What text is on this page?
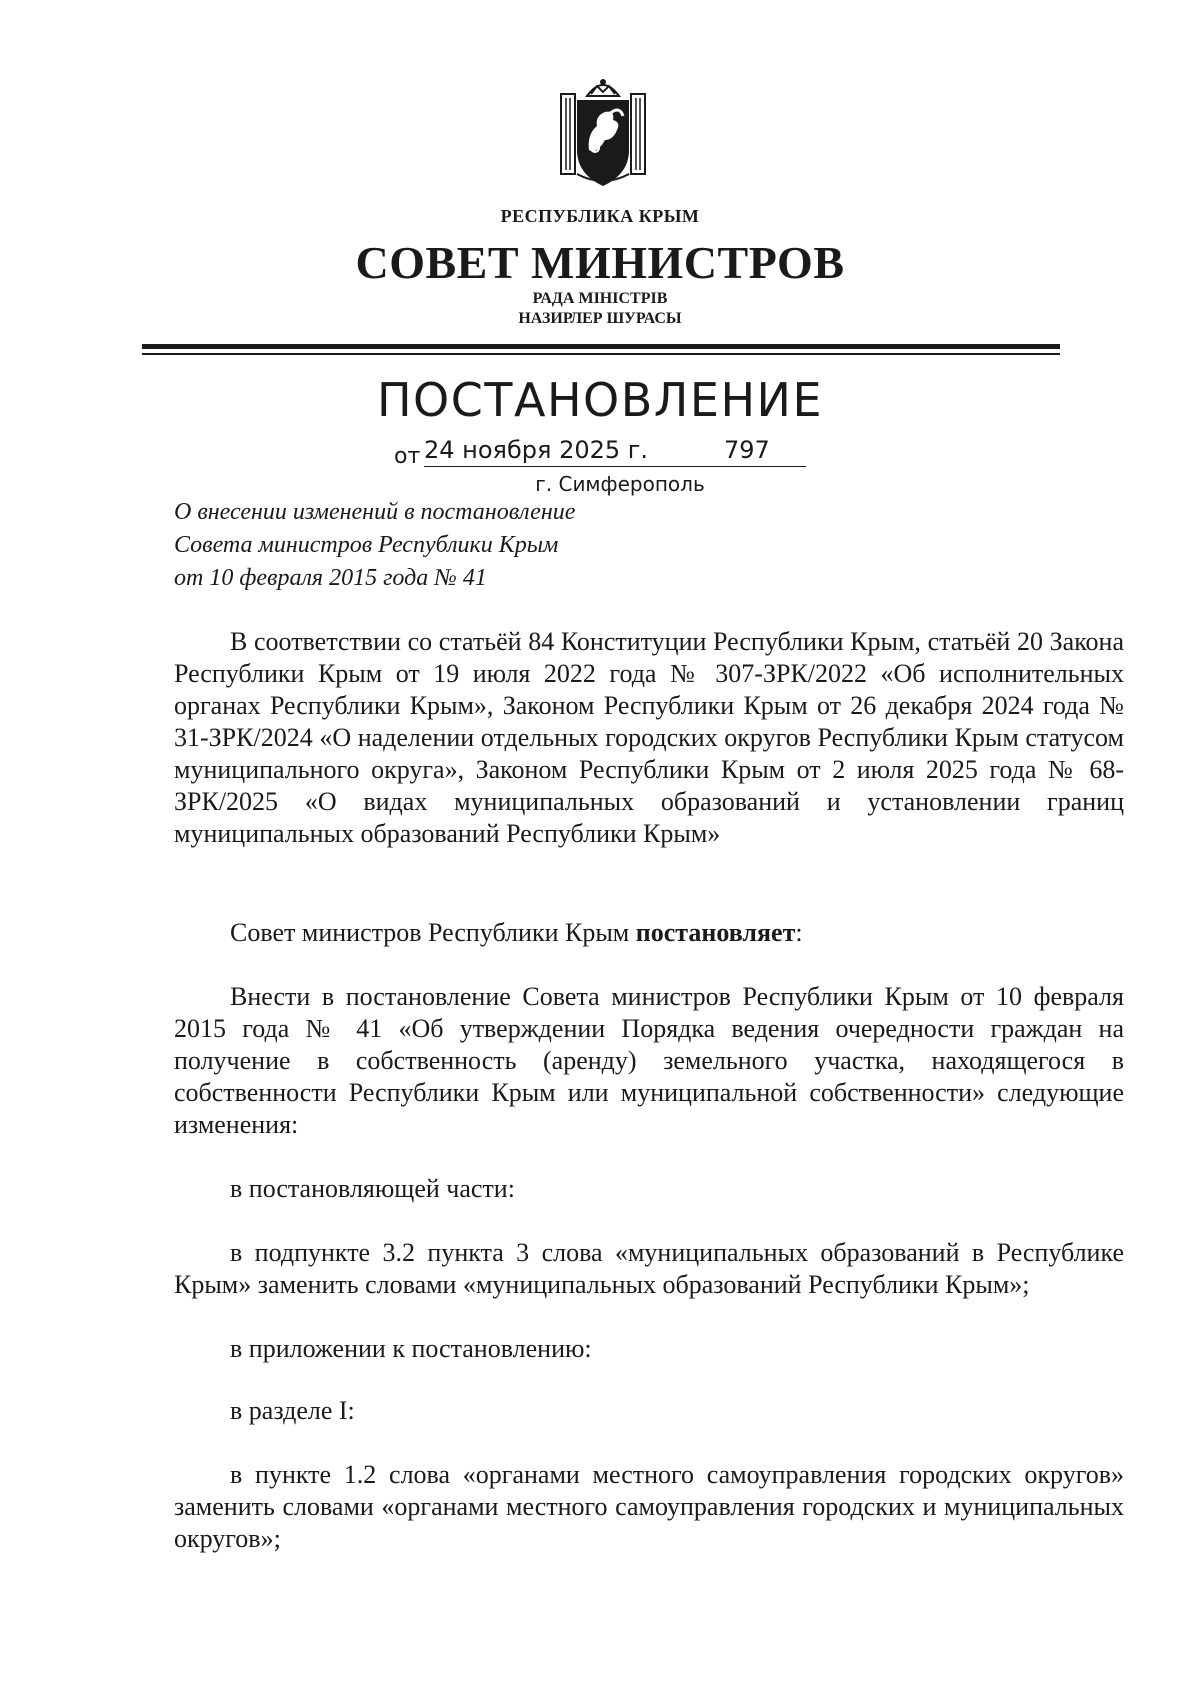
РЕСПУБЛИКА КРЫМ
СОВЕТ МИНИСТРОВ
РАДА МІНІСТРІВ
НАЗИРЛЕР ШУРАСЫ
ПОСТАНОВЛЕНИЕ
от 24 ноября 2025 г.	797
г. Симферополь
О внесении изменений в постановление
Совета министров Республики Крым
от 10 февраля 2015 года № 41

В соответствии со статьёй 84 Конституции Республики Крым, статьёй 20 Закона Республики Крым от 19 июля 2022 года № 307-ЗРК/2022 «Об исполнительных органах Республики Крым», Законом Республики Крым от 26 декабря 2024 года № 31-ЗРК/2024 «О наделении отдельных городских округов Республики Крым статусом муниципального округа», Законом Республики Крым от 2 июля 2025 года № 68-ЗРК/2025 «О видах муниципальных образований и установлении границ муниципальных образований Республики Крым»

Совет министров Республики Крым постановляет:

Внести в постановление Совета министров Республики Крым от 10 февраля 2015 года № 41 «Об утверждении Порядка ведения очередности граждан на получение в собственность (аренду) земельного участка, находящегося в собственности Республики Крым или муниципальной собственности» следующие изменения:

в постановляющей части:

в подпункте 3.2 пункта 3 слова «муниципальных образований в Республике Крым» заменить словами «муниципальных образований Республики Крым»;

в приложении к постановлению:

в разделе I:

в пункте 1.2 слова «органами местного самоуправления городских округов» заменить словами «органами местного самоуправления городских и муниципальных округов»;
